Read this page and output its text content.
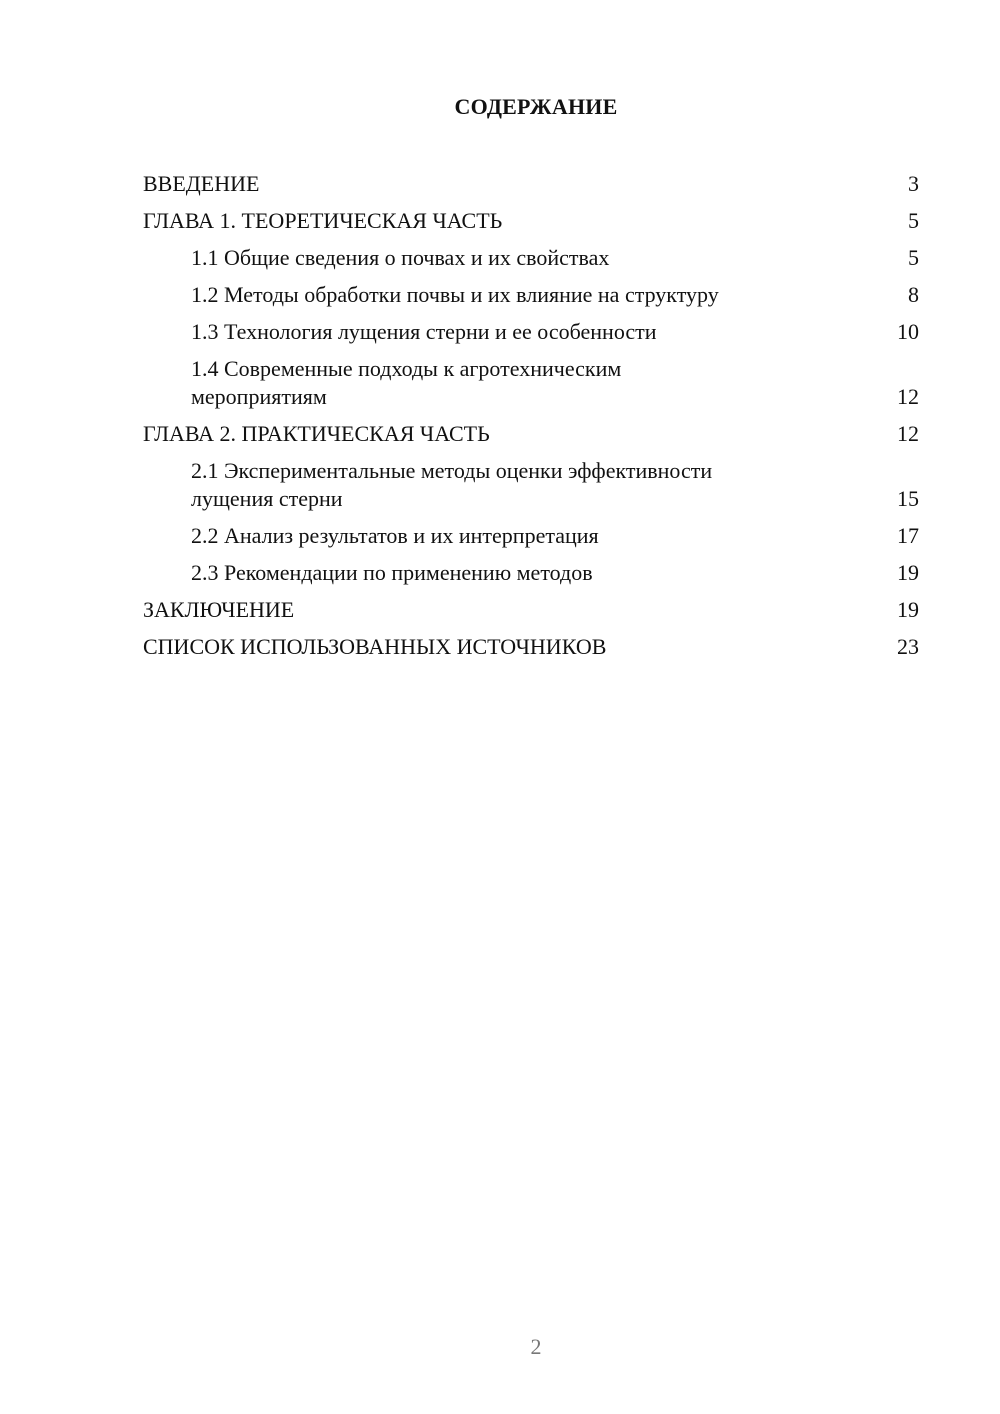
СОДЕРЖАНИЕ
ВВЕДЕНИЕ	3
ГЛАВА 1. ТЕОРЕТИЧЕСКАЯ ЧАСТЬ	5
1.1 Общие сведения о почвах и их свойствах	5
1.2 Методы обработки почвы и их влияние на структуру	8
1.3 Технология лущения стерни и ее особенности	10
1.4 Современные подходы к агротехническим мероприятиям	12
ГЛАВА 2. ПРАКТИЧЕСКАЯ ЧАСТЬ	12
2.1 Экспериментальные методы оценки эффективности лущения стерни	15
2.2 Анализ результатов и их интерпретация	17
2.3 Рекомендации по применению методов	19
ЗАКЛЮЧЕНИЕ	19
СПИСОК ИСПОЛЬЗОВАННЫХ ИСТОЧНИКОВ	23
2
